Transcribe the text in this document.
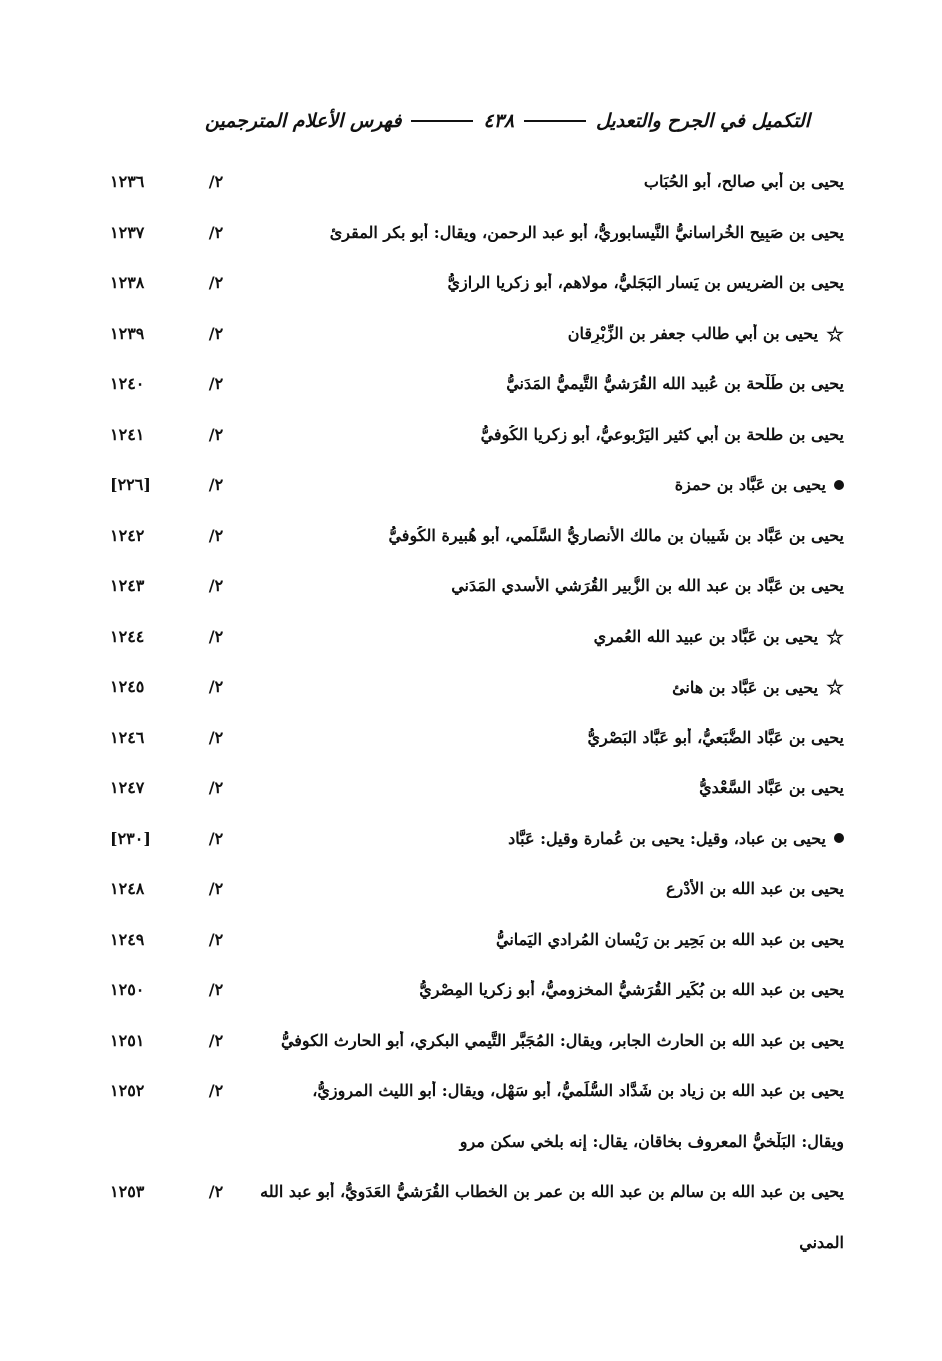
التكميل في الجرح والتعديل
٤٣٨
فهرس الأعلام المترجمين
يحيى بن أبي صالح، أبو الحُبَاب
٢/
١٢٣٦
يحيى بن صَبِيح الخُراسانيُّ النَّيسابوريُّ، أبو عبد الرحمن، ويقال: أبو بكر المقرئ
٢/
١٢٣٧
يحيى بن الضريس بن يَسار البَجَليُّ، مولاهم، أبو زكريا الرازيُّ
٢/
١٢٣٨
☆
يحيى بن أبي طالب جعفر بن الزِّبْرِقان
٢/
١٢٣٩
يحيى بن طَلْحة بن عُبيد الله القُرَشيُّ التَّيميُّ المَدَنيُّ
٢/
١٢٤٠
يحيى بن طلحة بن أبي كثير اليَرْبوعيُّ، أبو زكريا الكُوفيُّ
٢/
١٢٤١
يحيى بن عَبَّاد بن حمزة
٢/
[٢٢٦]
يحيى بن عَبَّاد بن شَيبان بن مالك الأنصاريُّ السَّلَمي، أبو هُبيرة الكُوفيُّ
٢/
١٢٤٢
يحيى بن عَبَّاد بن عبد الله بن الزُّبير القُرَشي الأَسدي المَدَني
٢/
١٢٤٣
☆
يحيى بن عَبَّاد بن عبيد الله العُمري
٢/
١٢٤٤
☆
يحيى بن عَبَّاد بن هانئ
٢/
١٢٤٥
يحيى بن عَبَّاد الضُّبَعيُّ، أبو عَبَّاد البَصْريُّ
٢/
١٢٤٦
يحيى بن عَبَّاد السَّعْديُّ
٢/
١٢٤٧
يحيى بن عباد، وقيل: يحيى بن عُمارة وقيل: عَبَّاد
٢/
[٢٣٠]
يحيى بن عبد الله بن الأَدْرع
٢/
١٢٤٨
يحيى بن عبد الله بن بَحِير بن رَيْسان المُرادي اليَمانيُّ
٢/
١٢٤٩
يحيى بن عبد الله بن بُكَير القُرَشيُّ المخزوميُّ، أبو زكريا المِصْريُّ
٢/
١٢٥٠
يحيى بن عبد الله بن الحارث الجابر، ويقال: المُجَبَّر التَّيمي البكري، أبو الحارث الكوفيُّ
٢/
١٢٥١
يحيى بن عبد الله بن زياد بن شَدَّاد السُّلَميُّ، أبو سَهْل، ويقال: أبو الليث المروزيُّ،
٢/
١٢٥٢
ويقال: البَلْخيُّ المعروف بخاقان، يقال: إنه بلخي سكن مرو
يحيى بن عبد الله بن سالم بن عبد الله بن عمر بن الخطاب القُرَشيُّ العَدَويُّ، أبو عبد الله
٢/
١٢٥٣
المدني
